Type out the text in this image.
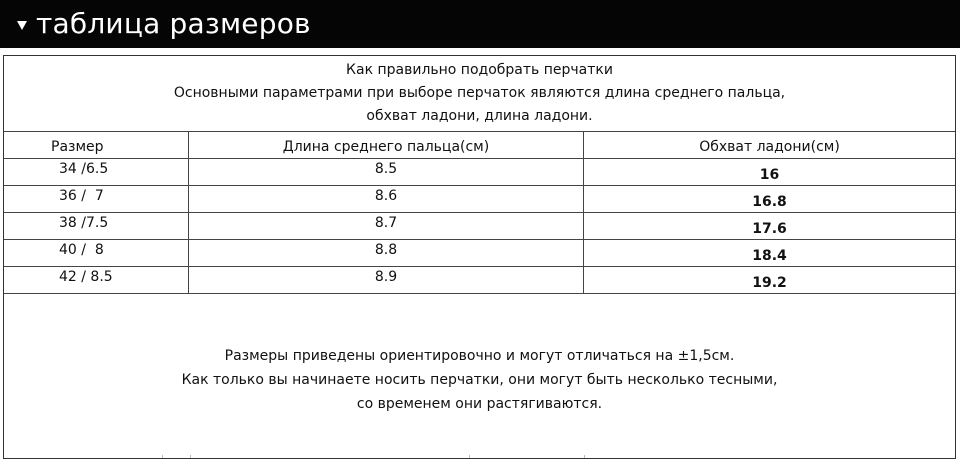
таблица размеров
Как правильно подобрать перчатки
Основными параметрами при выборе перчаток являются длина среднего пальца,
обхват ладони, длина ладони.
Размер	Длина среднего пальца(см)	Обхват ладони(см)
34 /6.5	8.5	16
36 /  7	8.6	16.8
38 /7.5	8.7	17.6
40 /  8	8.8	18.4
42 / 8.5	8.9	19.2
Размеры приведены ориентировочно и могут отличаться на ±1,5см.
Как только вы начинаете носить перчатки, они могут быть несколько тесными,
со временем они растягиваются.
